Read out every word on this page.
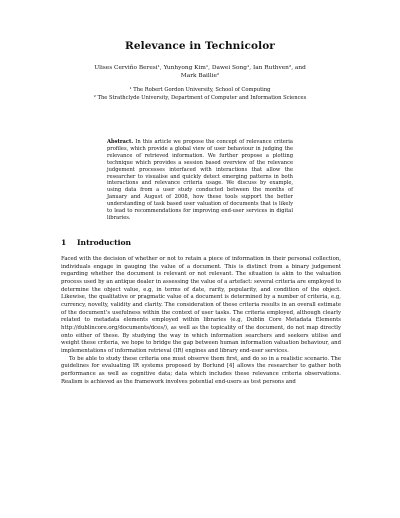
Relevance in Technicolor
Ulises Cerviño Beresi¹, Yunhyong Kim¹, Dawei Song¹, Ian Ruthven², and Mark Baillie²
¹ The Robert Gordon University, School of Computing
² The Strathclyde University, Department of Computer and Information Sciences
Abstract. In this article we propose the concept of relevance criteria profiles, which provide a global view of user behaviour in judging the relevance of retrieved information. We further propose a plotting technique which provides a session based overview of the relevance judgement processes interfaced with interactions that allow the researcher to visualise and quickly detect emerging patterns in both interactions and relevance criteria usage. We discuss by example, using data from a user study conducted between the months of January and August of 2008, how these tools support the better understanding of task based user valuation of documents that is likely to lead to recommendations for improving end-user services in digital libraries.
1 Introduction

Faced with the decision of whether or not to retain a piece of information in their personal collection, individuals engage in gauging the value of a document. This is distinct from a binary judgement regarding whether the document is relevant or not relevant. The situation is akin to the valuation process used by an antique dealer in assessing the value of a artefact: several criteria are employed to determine the object value, e.g, in terms of date, rarity, popularity, and condition of the object. Likewise, the qualitative or pragmatic value of a document is determined by a number of criteria, e.g, currency, novelty, validity and clarity. The consideration of these criteria results in an overall estimate of the document’s usefulness within the context of user tasks. The criteria employed, although clearly related to metadata elements employed within libraries (e.g, Dublin Core Metadata Elements http://dublincore.org/documents/dces/), as well as the topicality of the document, do not map directly onto either of these. By studying the way in which information searchers and seekers utilise and weight these criteria, we hope to bridge the gap between human information valuation behaviour, and implementations of information retrieval (IR) engines and library end-user services.

To be able to study these criteria one must observe them first, and do so in a realistic scenario. The guidelines for evaluating IR systems proposed by Borlund [4] allows the researcher to gather both performance as well as cognitive data; data which includes these relevance criteria observations. Realism is achieved as the framework involves potential end-users as test persons and
